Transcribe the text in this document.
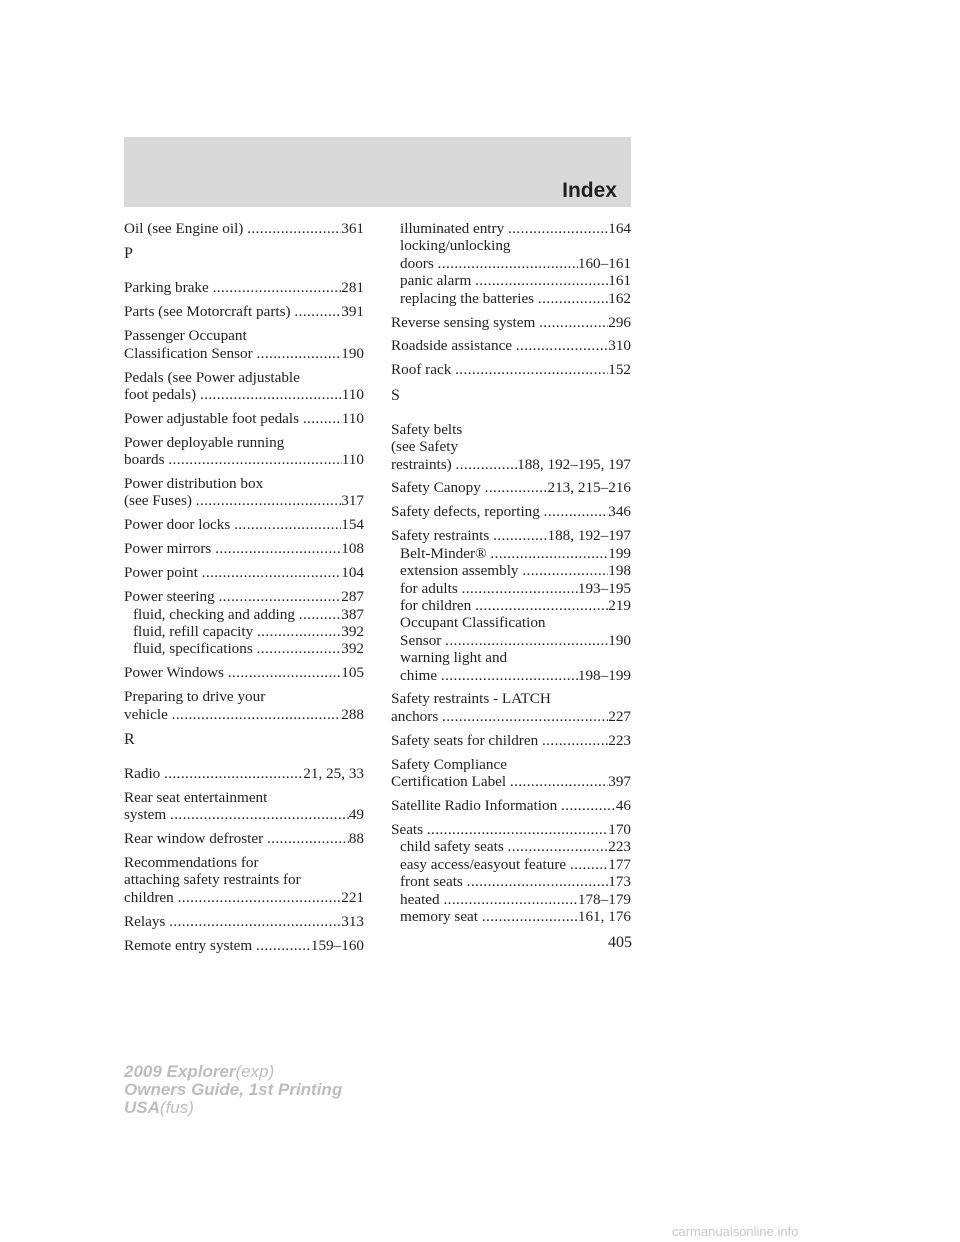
Index
Oil (see Engine oil) .....	361
P
Parking brake .....	281
Parts (see Motorcraft parts) .....	391
Passenger Occupant
Classification Sensor .....	190
Pedals (see Power adjustable
foot pedals) .....	110
Power adjustable foot pedals .....	110
Power deployable running
boards .....	110
Power distribution box
(see Fuses) .....	317
Power door locks .....	154
Power mirrors .....	108
Power point .....	104
Power steering .....	287
fluid, checking and adding .....	387
fluid, refill capacity .....	392
fluid, specifications .....	392
Power Windows .....	105
Preparing to drive your
vehicle .....	288
R
Radio .....	21, 25, 33
Rear seat entertainment
system .....	49
Rear window defroster .....	88
Recommendations for
attaching safety restraints for
children .....	221
Relays .....	313
Remote entry system .....	159–160
illuminated entry .....	164
locking/unlocking
doors .....	160–161
panic alarm .....	161
replacing the batteries .....	162
Reverse sensing system .....	296
Roadside assistance .....	310
Roof rack .....	152
S
Safety belts
(see Safety
restraints) .....	188, 192–195, 197
Safety Canopy .....	213, 215–216
Safety defects, reporting .....	346
Safety restraints .....	188, 192–197
Belt-Minder® .....	199
extension assembly .....	198
for adults .....	193–195
for children .....	219
Occupant Classification
Sensor .....	190
warning light and
chime .....	198–199
Safety restraints - LATCH
anchors .....	227
Safety seats for children .....	223
Safety Compliance
Certification Label .....	397
Satellite Radio Information .....	46
Seats .....	170
child safety seats .....	223
easy access/easyout feature .....	177
front seats .....	173
heated .....	178–179
memory seat .....	161, 176
405
2009 Explorer(exp)
Owners Guide, 1st Printing
USA(fus)
carmanualsonline.info
